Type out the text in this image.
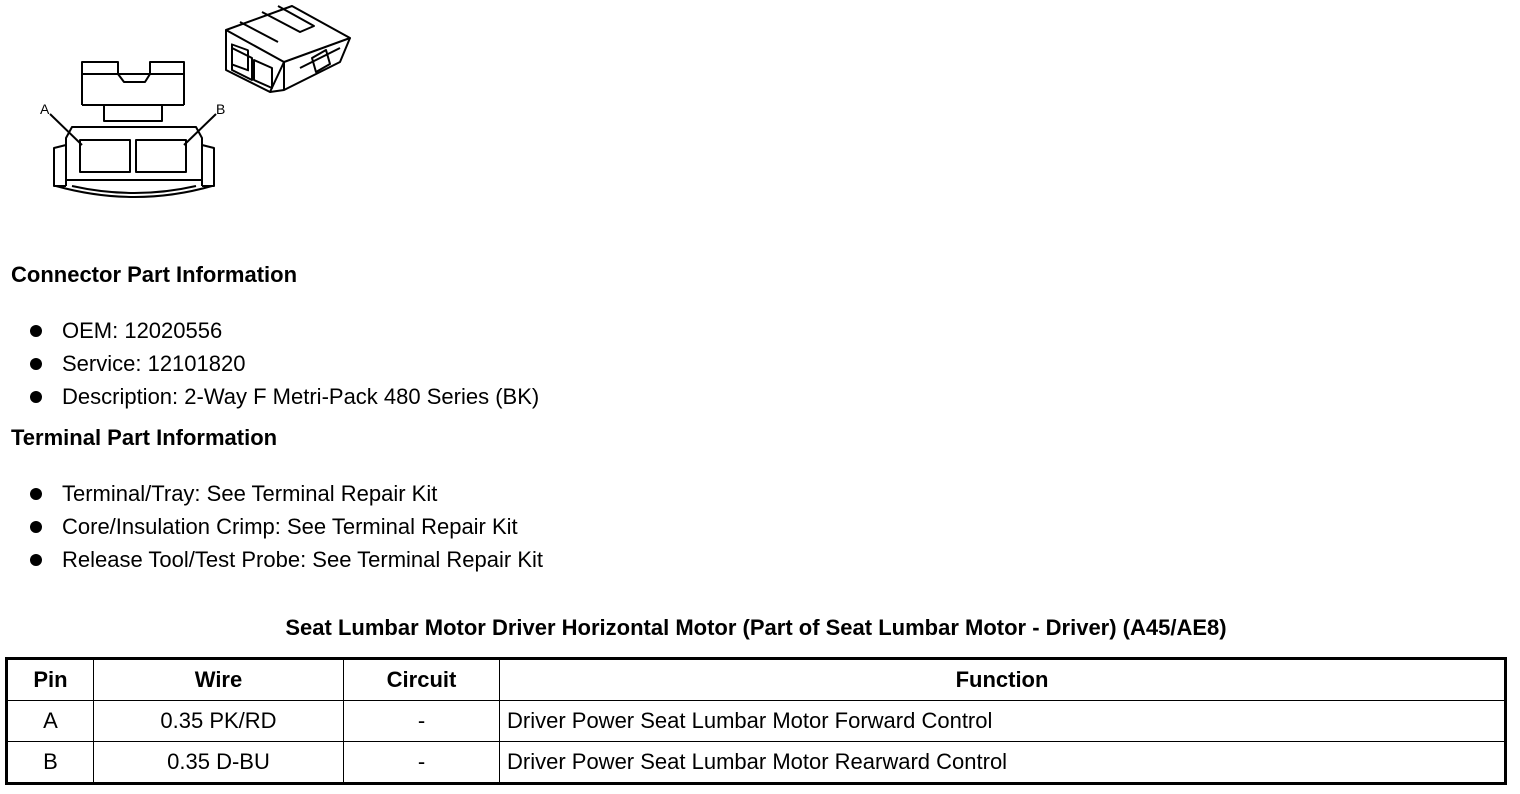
A	B
Connector Part Information
OEM: 12020556
Service: 12101820
Description: 2-Way F Metri-Pack 480 Series (BK)
Terminal Part Information
Terminal/Tray: See Terminal Repair Kit
Core/Insulation Crimp: See Terminal Repair Kit
Release Tool/Test Probe: See Terminal Repair Kit
Seat Lumbar Motor Driver Horizontal Motor (Part of Seat Lumbar Motor - Driver) (A45/AE8)
Pin	Wire	Circuit	Function
A	0.35 PK/RD	-	Driver Power Seat Lumbar Motor Forward Control
B	0.35 D-BU	-	Driver Power Seat Lumbar Motor Rearward Control
